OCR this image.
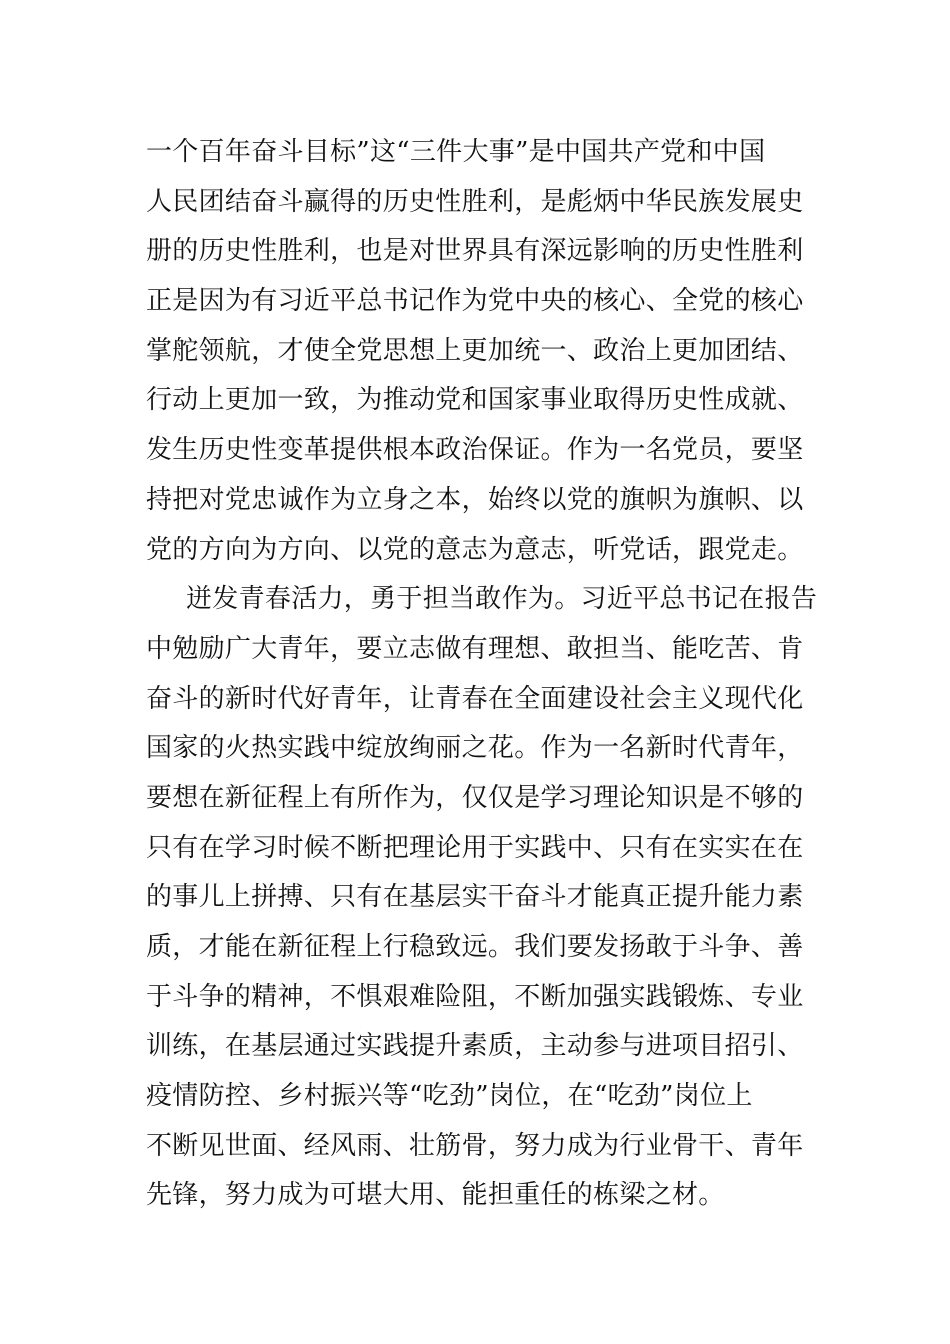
一个百年奋斗目标”这“三件大事”是中国共产党和中国
人民团结奋斗赢得的历史性胜利，是彪炳中华民族发展史
册的历史性胜利，也是对世界具有深远影响的历史性胜利
正是因为有习近平总书记作为党中央的核心、全党的核心
掌舵领航，才使全党思想上更加统一、政治上更加团结、
行动上更加一致，为推动党和国家事业取得历史性成就、
发生历史性变革提供根本政治保证。作为一名党员，要坚
持把对党忠诚作为立身之本，始终以党的旗帜为旗帜、以
党的方向为方向、以党的意志为意志，听党话，跟党走。
迸发青春活力，勇于担当敢作为。习近平总书记在报告
中勉励广大青年，要立志做有理想、敢担当、能吃苦、肯
奋斗的新时代好青年，让青春在全面建设社会主义现代化
国家的火热实践中绽放绚丽之花。作为一名新时代青年，
要想在新征程上有所作为，仅仅是学习理论知识是不够的
只有在学习时候不断把理论用于实践中、只有在实实在在
的事儿上拼搏、只有在基层实干奋斗才能真正提升能力素
质，才能在新征程上行稳致远。我们要发扬敢于斗争、善
于斗争的精神，不惧艰难险阻，不断加强实践锻炼、专业
训练，在基层通过实践提升素质，主动参与进项目招引、
疫情防控、乡村振兴等“吃劲”岗位，在“吃劲”岗位上
不断见世面、经风雨、壮筋骨，努力成为行业骨干、青年
先锋，努力成为可堪大用、能担重任的栋梁之材。
